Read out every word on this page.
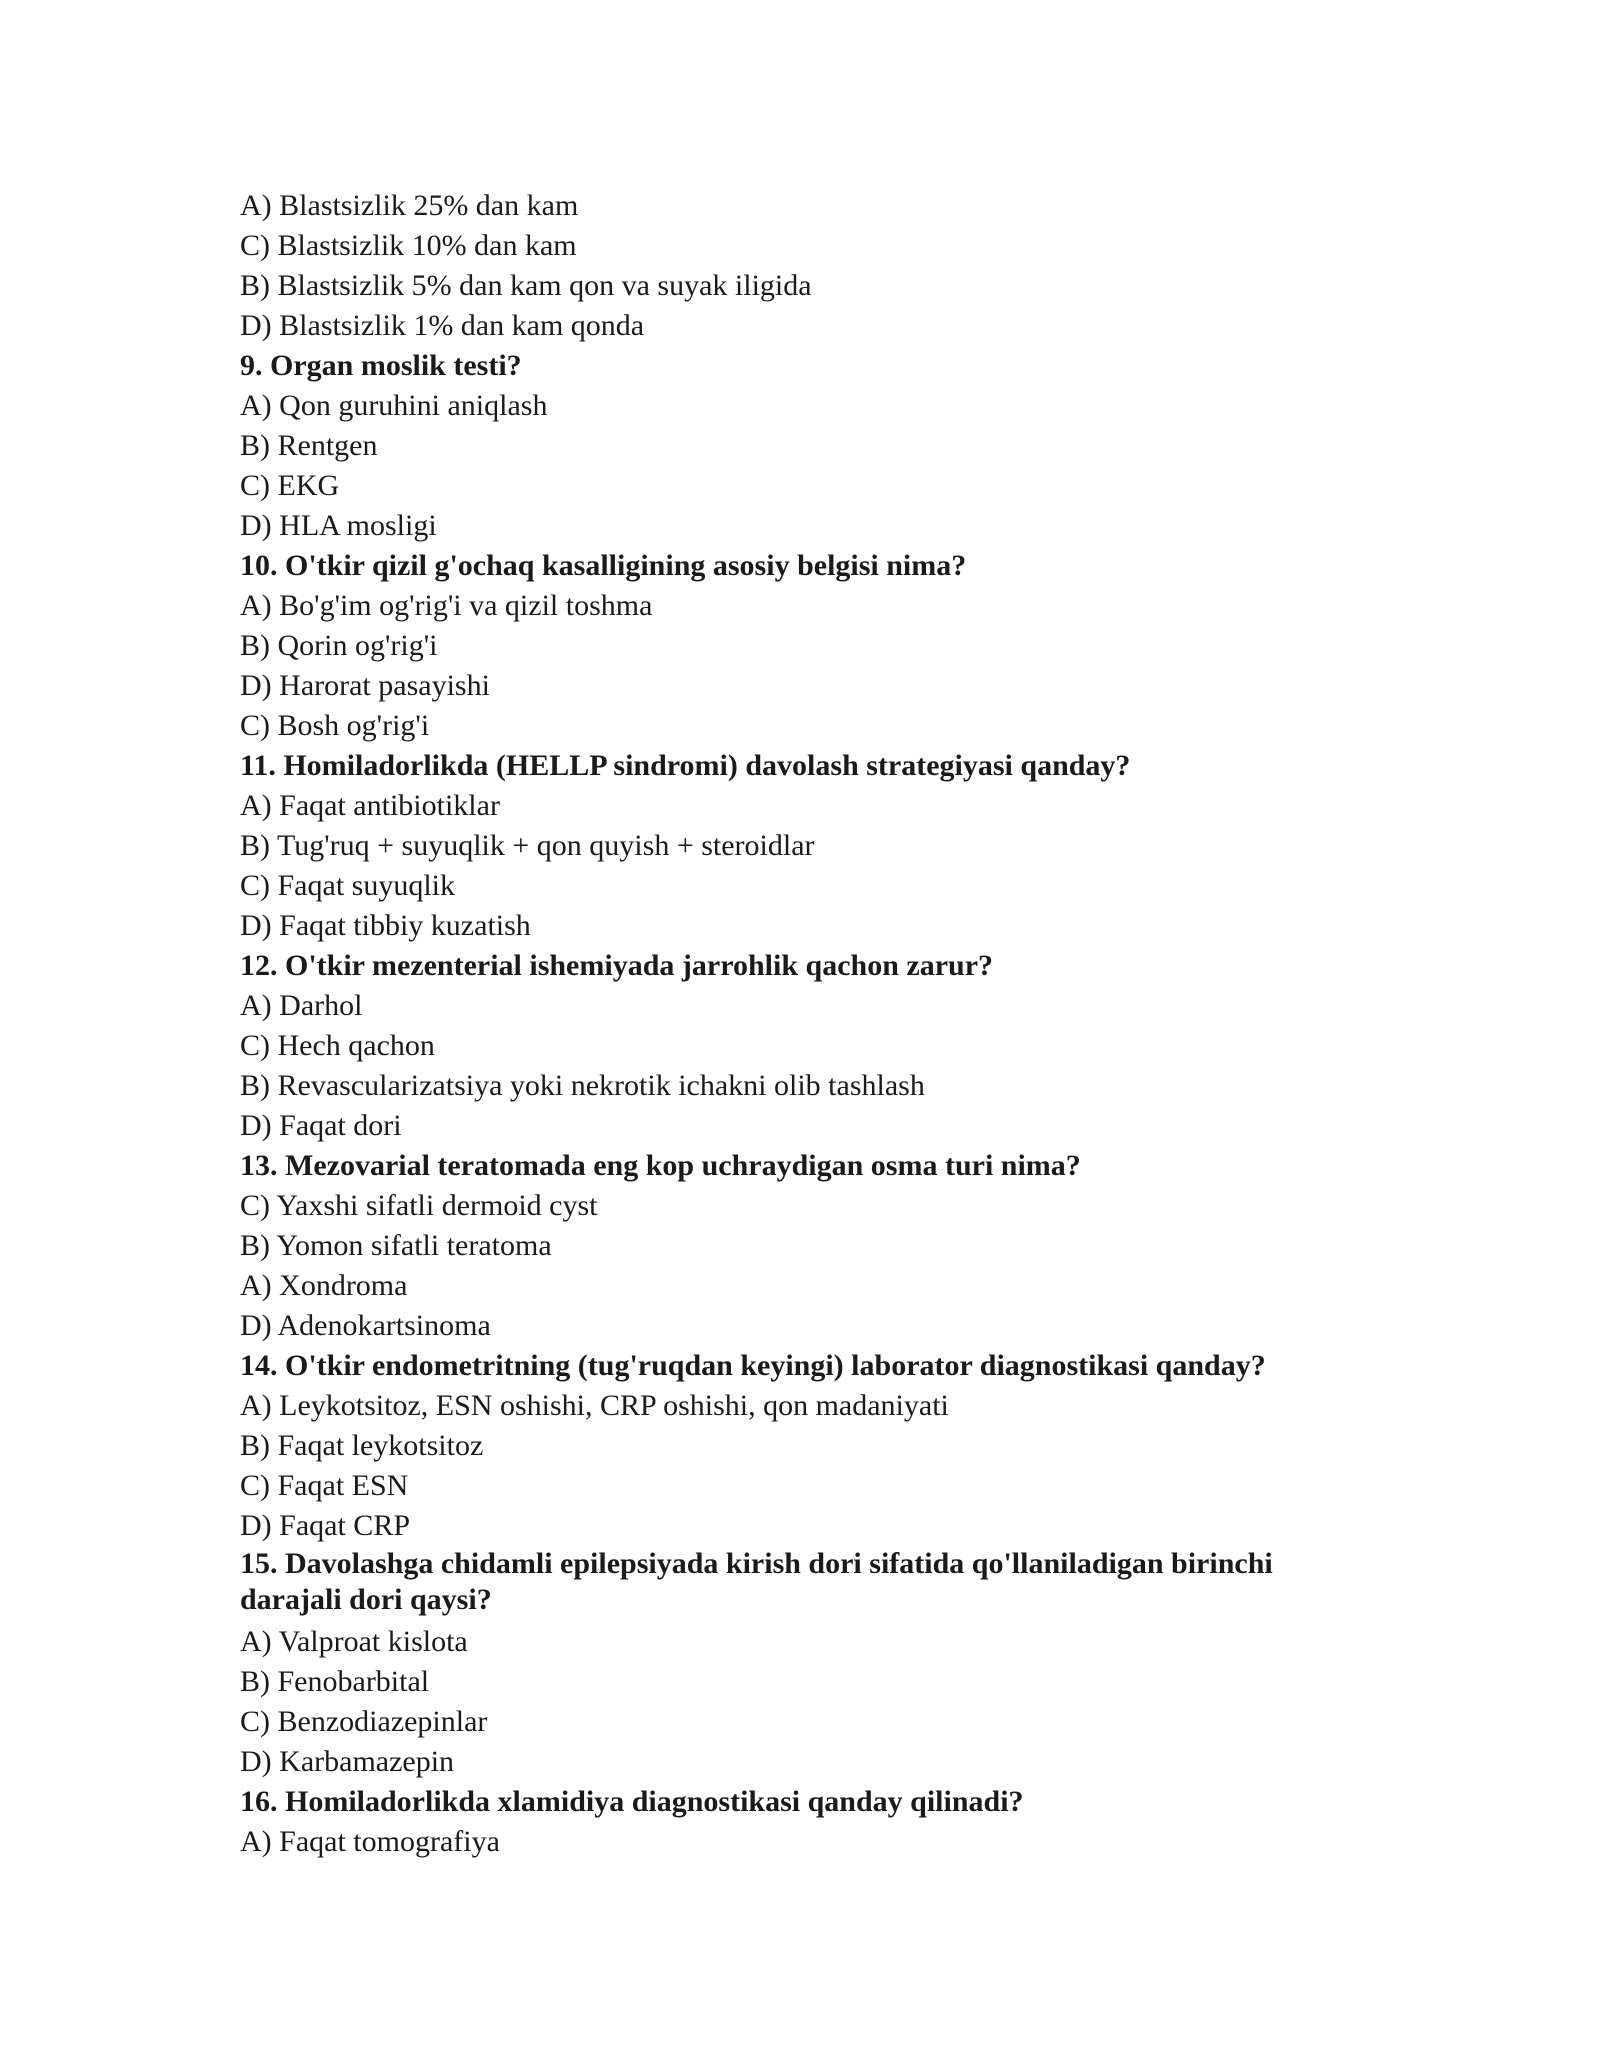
A) Blastsizlik 25% dan kam
C) Blastsizlik 10% dan kam
B) Blastsizlik 5% dan kam qon va suyak iligida
D) Blastsizlik 1% dan kam qonda
9. Organ moslik testi?
A) Qon guruhini aniqlash
B) Rentgen
C) EKG
D) HLA mosligi
10. O'tkir qizil g'ochaq kasalligining asosiy belgisi nima?
A) Bo'g'im og'rig'i va qizil toshma
B) Qorin og'rig'i
D) Harorat pasayishi
C) Bosh og'rig'i
11. Homiladorlikda (HELLP sindromi) davolash strategiyasi qanday?
A) Faqat antibiotiklar
B) Tug'ruq + suyuqlik + qon quyish + steroidlar
C) Faqat suyuqlik
D) Faqat tibbiy kuzatish
12. O'tkir mezenterial ishemiyada jarrohlik qachon zarur?
A) Darhol
C) Hech qachon
B) Revascularizatsiya yoki nekrotik ichakni olib tashlash
D) Faqat dori
13. Mezovarial teratomada eng kop uchraydigan osma turi nima?
C) Yaxshi sifatli dermoid cyst
B) Yomon sifatli teratoma
A) Xondroma
D) Adenokartsinoma
14. O'tkir endometritning (tug'ruqdan keyingi) laborator diagnostikasi qanday?
A) Leykotsitoz, ESN oshishi, CRP oshishi, qon madaniyati
B) Faqat leykotsitoz
C) Faqat ESN
D) Faqat CRP
15. Davolashga chidamli epilepsiyada kirish dori sifatida qo'llaniladigan birinchi darajali dori qaysi?
A) Valproat kislota
B) Fenobarbital
C) Benzodiazepinlar
D) Karbamazepin
16. Homiladorlikda xlamidiya diagnostikasi qanday qilinadi?
A) Faqat tomografiya
